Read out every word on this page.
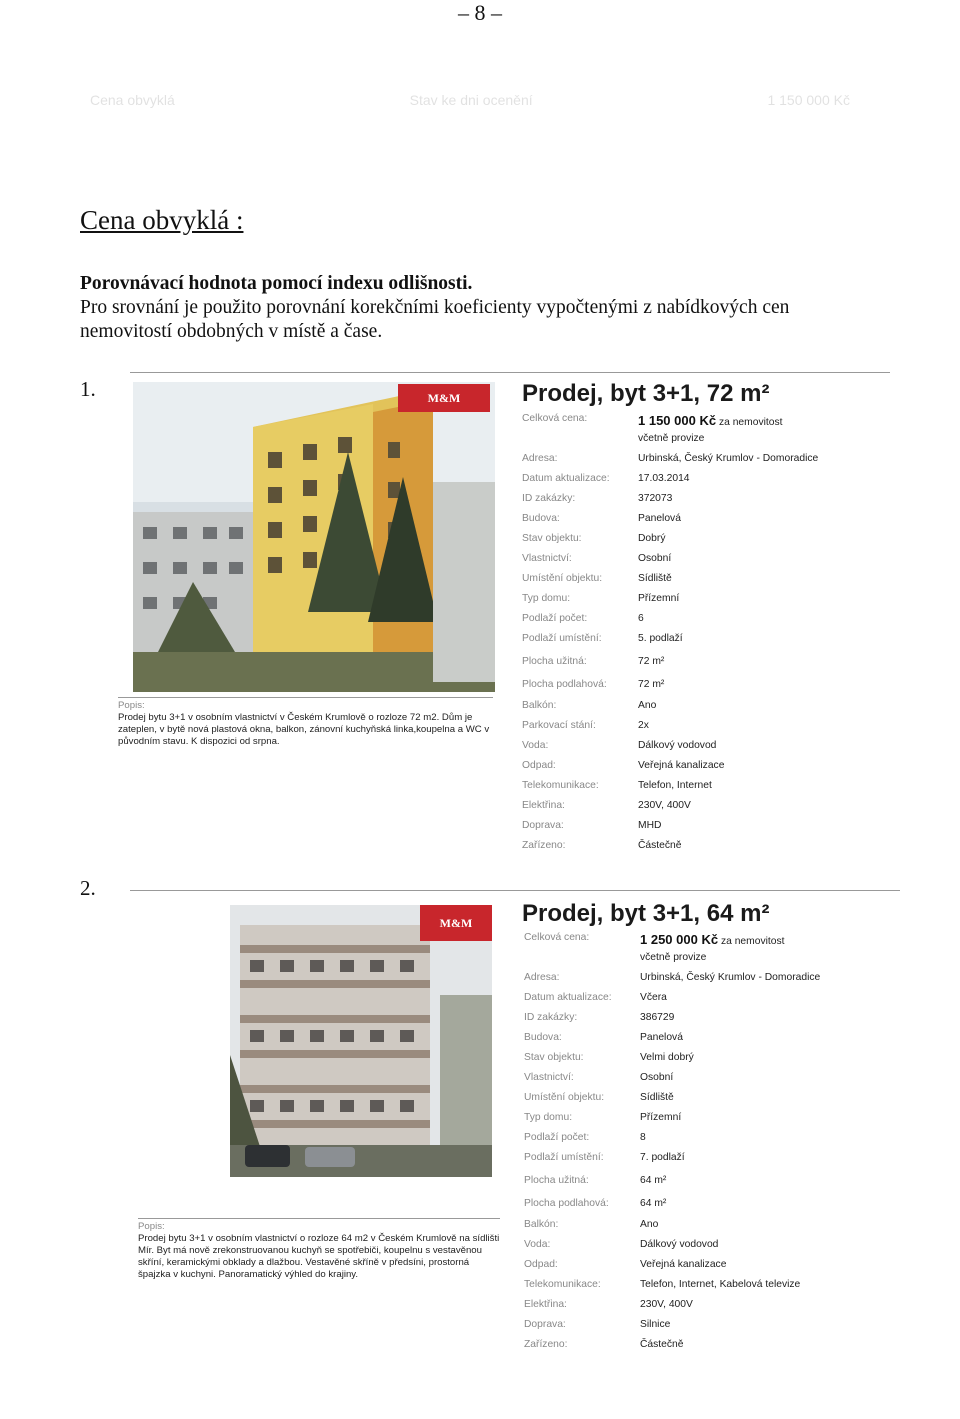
– 8 –
Cena obvyklá	Stav ke dni ocenění	1 150 000 Kč
Cena obvyklá :
Porovnávací hodnota pomocí indexu odlišnosti.
Pro srovnání je použito porovnání korekčními koeficienty vypočtenými z nabídkových cen nemovitostí obdobných v místě a čase.
1.	M&M	Prodej, byt 3+1, 72 m²
Celková cena:	1 150 000 Kč za nemovitost
včetně provize
Adresa:	Urbinská, Český Krumlov - Domoradice
Datum aktualizace:	17.03.2014
ID zakázky:	372073
Budova:	Panelová
Stav objektu:	Dobrý
Vlastnictví:	Osobní
Umístění objektu:	Sídliště
Typ domu:	Přízemní
Podlaží počet:	6
Podlaží umístění:	5. podlaží
Plocha užitná:	72 m²
Plocha podlahová:	72 m²
Balkón:	Ano
Parkovací stání:	2x
Voda:	Dálkový vodovod
Odpad:	Veřejná kanalizace
Telekomunikace:	Telefon, Internet
Elektřina:	230V, 400V
Doprava:	MHD
Zařízeno:	Částečně
Popis:
Prodej bytu 3+1 v osobním vlastnictví v Českém Krumlově o rozloze 72 m2. Dům je zateplen, v bytě nová plastová okna, balkon, zánovní kuchyňská linka,koupelna a WC v původním stavu. K dispozici od srpna.
2.
M&M	Prodej, byt 3+1, 64 m²
Celková cena:	1 250 000 Kč za nemovitost
včetně provize
Adresa:	Urbinská, Český Krumlov - Domoradice
Datum aktualizace:	Včera
ID zakázky:	386729
Budova:	Panelová
Stav objektu:	Velmi dobrý
Vlastnictví:	Osobní
Umístění objektu:	Sídliště
Typ domu:	Přízemní
Podlaží počet:	8
Podlaží umístění:	7. podlaží
Plocha užitná:	64 m²
Plocha podlahová:	64 m²
Balkón:	Ano
Voda:	Dálkový vodovod
Odpad:	Veřejná kanalizace
Telekomunikace:	Telefon, Internet, Kabelová televize
Elektřina:	230V, 400V
Doprava:	Silnice
Zařízeno:	Částečně
Popis:
Prodej bytu 3+1 v osobním vlastnictví o rozloze 64 m2 v Českém Krumlově na sídlišti Mír. Byt má nově zrekonstruovanou kuchyň se spotřebiči, koupelnu s vestavěnou skříní, keramickými obklady a dlažbou. Vestavěné skříně v předsíni, prostorná špajzka v kuchyni. Panoramatický výhled do krajiny.
